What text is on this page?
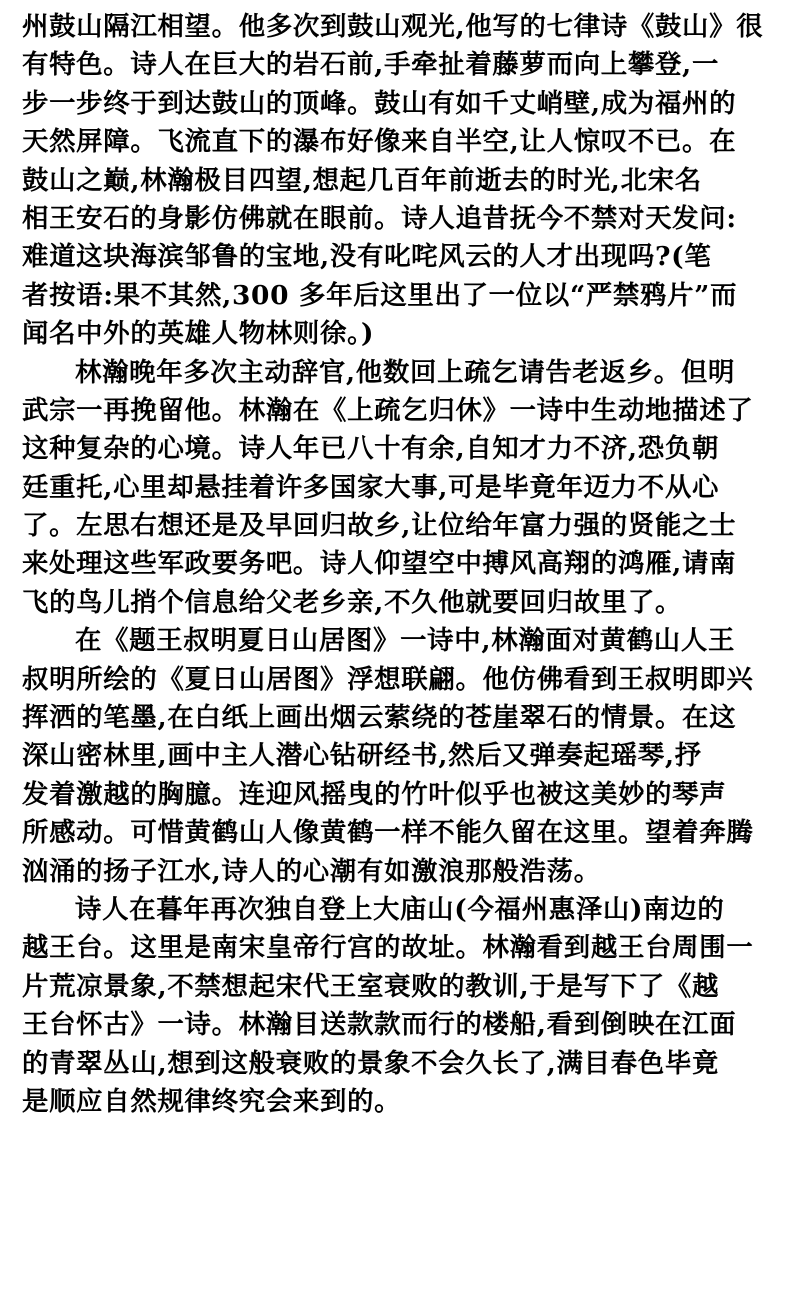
州鼓山隔江相望。他多次到鼓山观光,他写的七律诗《鼓山》很
有特色。诗人在巨大的岩石前,手牵扯着藤萝而向上攀登,一
步一步终于到达鼓山的顶峰。鼓山有如千丈峭壁,成为福州的
天然屏障。飞流直下的瀑布好像来自半空,让人惊叹不已。在
鼓山之巅,林瀚极目四望,想起几百年前逝去的时光,北宋名
相王安石的身影仿佛就在眼前。诗人追昔抚今不禁对天发问:
难道这块海滨邹鲁的宝地,没有叱咤风云的人才出现吗?(笔
者按语:果不其然,300 多年后这里出了一位以“严禁鸦片”而
闻名中外的英雄人物林则徐。)
林瀚晚年多次主动辞官,他数回上疏乞请告老返乡。但明
武宗一再挽留他。林瀚在《上疏乞归休》一诗中生动地描述了
这种复杂的心境。诗人年已八十有余,自知才力不济,恐负朝
廷重托,心里却悬挂着许多国家大事,可是毕竟年迈力不从心
了。左思右想还是及早回归故乡,让位给年富力强的贤能之士
来处理这些军政要务吧。诗人仰望空中搏风高翔的鸿雁,请南
飞的鸟儿捎个信息给父老乡亲,不久他就要回归故里了。
在《题王叔明夏日山居图》一诗中,林瀚面对黄鹤山人王
叔明所绘的《夏日山居图》浮想联翩。他仿佛看到王叔明即兴
挥洒的笔墨,在白纸上画出烟云萦绕的苍崖翠石的情景。在这
深山密林里,画中主人潜心钻研经书,然后又弹奏起瑶琴,抒
发着激越的胸臆。连迎风摇曳的竹叶似乎也被这美妙的琴声
所感动。可惜黄鹤山人像黄鹤一样不能久留在这里。望着奔腾
汹涌的扬子江水,诗人的心潮有如激浪那般浩荡。
诗人在暮年再次独自登上大庙山(今福州惠泽山)南边的
越王台。这里是南宋皇帝行宫的故址。林瀚看到越王台周围一
片荒凉景象,不禁想起宋代王室衰败的教训,于是写下了《越
王台怀古》一诗。林瀚目送款款而行的楼船,看到倒映在江面
的青翠丛山,想到这般衰败的景象不会久长了,满目春色毕竟
是顺应自然规律终究会来到的。
